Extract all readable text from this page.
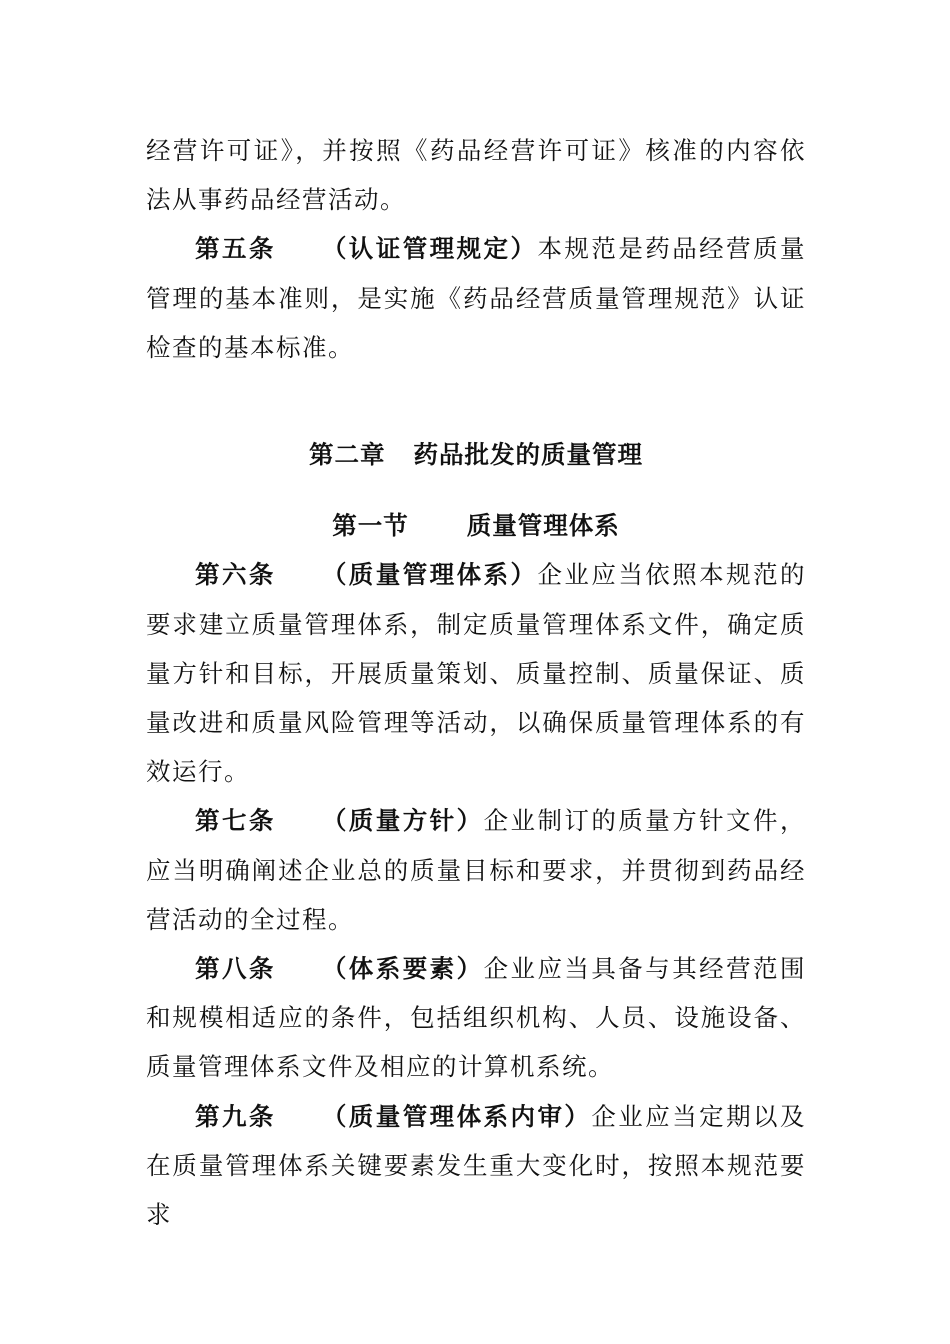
经营许可证》，并按照《药品经营许可证》核准的内容依法从事药品经营活动。

第五条 （认证管理规定）本规范是药品经营质量管理的基本准则，是实施《药品经营质量管理规范》认证检查的基本标准。

第二章 药品批发的质量管理
第一节 质量管理体系

第六条 （质量管理体系）企业应当依照本规范的要求建立质量管理体系，制定质量管理体系文件，确定质量方针和目标，开展质量策划、质量控制、质量保证、质量改进和质量风险管理等活动，以确保质量管理体系的有效运行。

第七条 （质量方针）企业制订的质量方针文件，应当明确阐述企业总的质量目标和要求，并贯彻到药品经营活动的全过程。

第八条 （体系要素）企业应当具备与其经营范围和规模相适应的条件，包括组织机构、人员、设施设备、质量管理体系文件及相应的计算机系统。

第九条 （质量管理体系内审）企业应当定期以及在质量管理体系关键要素发生重大变化时，按照本规范要求
